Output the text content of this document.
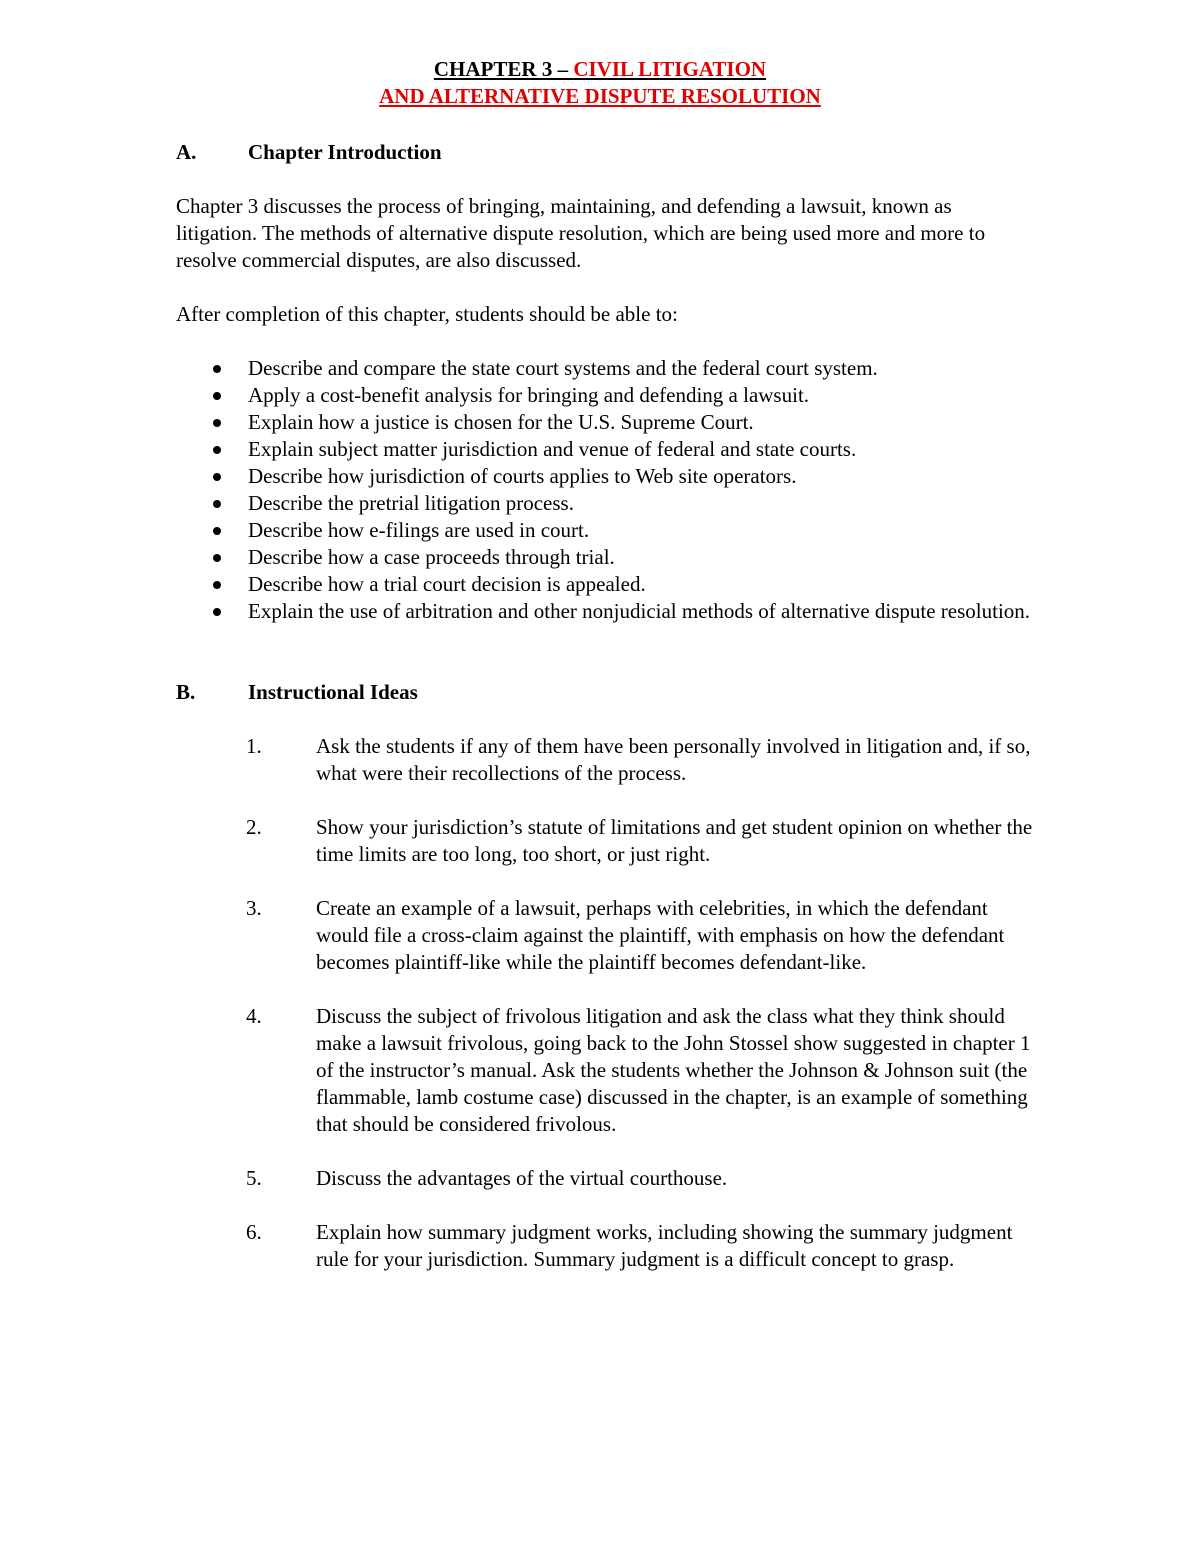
CHAPTER 3 – CIVIL LITIGATION
AND ALTERNATIVE DISPUTE RESOLUTION
A. Chapter Introduction
Chapter 3 discusses the process of bringing, maintaining, and defending a lawsuit, known as litigation. The methods of alternative dispute resolution, which are being used more and more to resolve commercial disputes, are also discussed.
After completion of this chapter, students should be able to:
Describe and compare the state court systems and the federal court system.
Apply a cost-benefit analysis for bringing and defending a lawsuit.
Explain how a justice is chosen for the U.S. Supreme Court.
Explain subject matter jurisdiction and venue of federal and state courts.
Describe how jurisdiction of courts applies to Web site operators.
Describe the pretrial litigation process.
Describe how e-filings are used in court.
Describe how a case proceeds through trial.
Describe how a trial court decision is appealed.
Explain the use of arbitration and other nonjudicial methods of alternative dispute resolution.
B.	Instructional Ideas
1.	Ask the students if any of them have been personally involved in litigation and, if so, what were their recollections of the process.
2.	Show your jurisdiction’s statute of limitations and get student opinion on whether the time limits are too long, too short, or just right.
3.	Create an example of a lawsuit, perhaps with celebrities, in which the defendant would file a cross-claim against the plaintiff, with emphasis on how the defendant becomes plaintiff-like while the plaintiff becomes defendant-like.
4.	Discuss the subject of frivolous litigation and ask the class what they think should make a lawsuit frivolous, going back to the John Stossel show suggested in chapter 1 of the instructor’s manual. Ask the students whether the Johnson & Johnson suit (the flammable, lamb costume case) discussed in the chapter, is an example of something that should be considered frivolous.
5.	Discuss the advantages of the virtual courthouse.
6.	Explain how summary judgment works, including showing the summary judgment rule for your jurisdiction. Summary judgment is a difficult concept to grasp.
